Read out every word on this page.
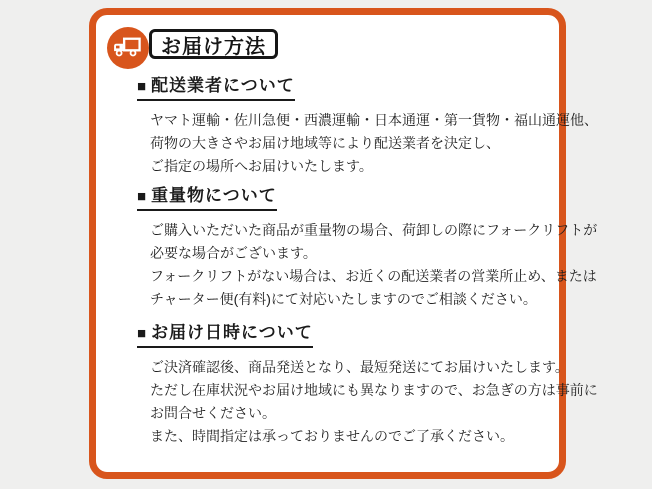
お届け方法
■ 配送業者について
ヤマト運輸・佐川急便・西濃運輸・日本通運・第一貨物・福山通運他、
荷物の大きさやお届け地域等により配送業者を決定し、
ご指定の場所へお届けいたします。
■ 重量物について
ご購入いただいた商品が重量物の場合、荷卸しの際にフォークリフトが
必要な場合がございます。
フォークリフトがない場合は、お近くの配送業者の営業所止め、または
チャーター便(有料)にて対応いたしますのでご相談ください。
■ お届け日時について
ご決済確認後、商品発送となり、最短発送にてお届けいたします。
ただし在庫状況やお届け地域にも異なりますので、お急ぎの方は事前に
お問合せください。
また、時間指定は承っておりませんのでご了承ください。
